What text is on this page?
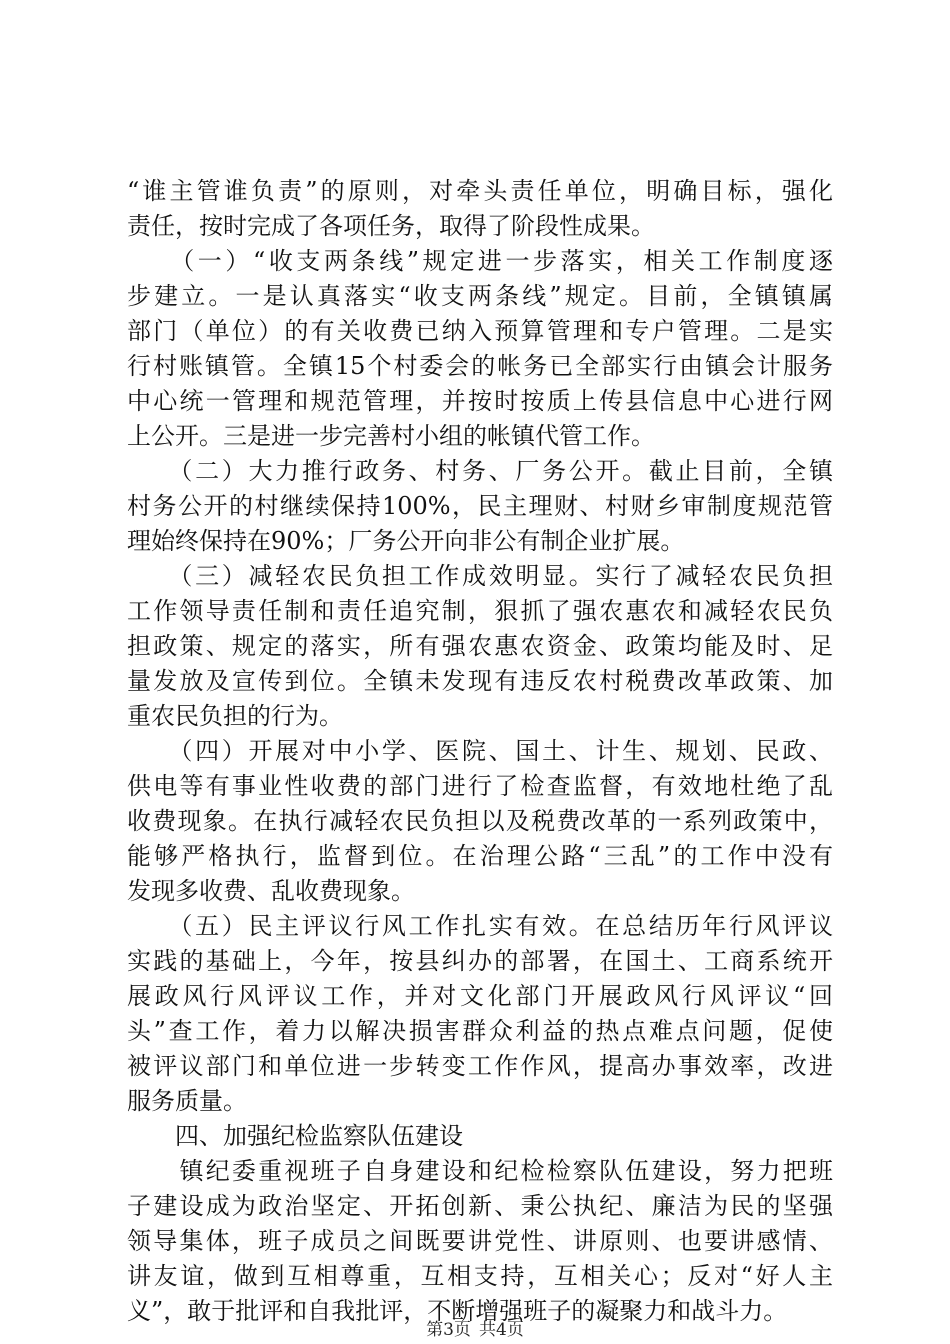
“谁主管谁负责”的原则，对牵头责任单位，明确目标，强化
责任，按时完成了各项任务，取得了阶段性成果。
　　（一）“收支两条线”规定进一步落实，相关工作制度逐
步建立。一是认真落实“收支两条线”规定。目前，全镇镇属
部门（单位）的有关收费已纳入预算管理和专户管理。二是实
行村账镇管。全镇15个村委会的帐务已全部实行由镇会计服务
中心统一管理和规范管理，并按时按质上传县信息中心进行网
上公开。三是进一步完善村小组的帐镇代管工作。
　　（二）大力推行政务、村务、厂务公开。截止目前，全镇
村务公开的村继续保持100%，民主理财、村财乡审制度规范管
理始终保持在90%；厂务公开向非公有制企业扩展。
　　（三）减轻农民负担工作成效明显。实行了减轻农民负担
工作领导责任制和责任追究制，狠抓了强农惠农和减轻农民负
担政策、规定的落实，所有强农惠农资金、政策均能及时、足
量发放及宣传到位。全镇未发现有违反农村税费改革政策、加
重农民负担的行为。
　　（四）开展对中小学、医院、国土、计生、规划、民政、
供电等有事业性收费的部门进行了检查监督，有效地杜绝了乱
收费现象。在执行减轻农民负担以及税费改革的一系列政策中，
能够严格执行，监督到位。在治理公路“三乱”的工作中没有
发现多收费、乱收费现象。
　　（五）民主评议行风工作扎实有效。在总结历年行风评议
实践的基础上，今年，按县纠办的部署，在国土、工商系统开
展政风行风评议工作，并对文化部门开展政风行风评议“回
头”查工作，着力以解决损害群众利益的热点难点问题，促使
被评议部门和单位进一步转变工作作风，提高办事效率，改进
服务质量。
　　四、加强纪检监察队伍建设
　　镇纪委重视班子自身建设和纪检检察队伍建设，努力把班
子建设成为政治坚定、开拓创新、秉公执纪、廉洁为民的坚强
领导集体，班子成员之间既要讲党性、讲原则、也要讲感情、
讲友谊，做到互相尊重，互相支持，互相关心；反对“好人主
义”，敢于批评和自我批评，不断增强班子的凝聚力和战斗力。
第3页 共4页
